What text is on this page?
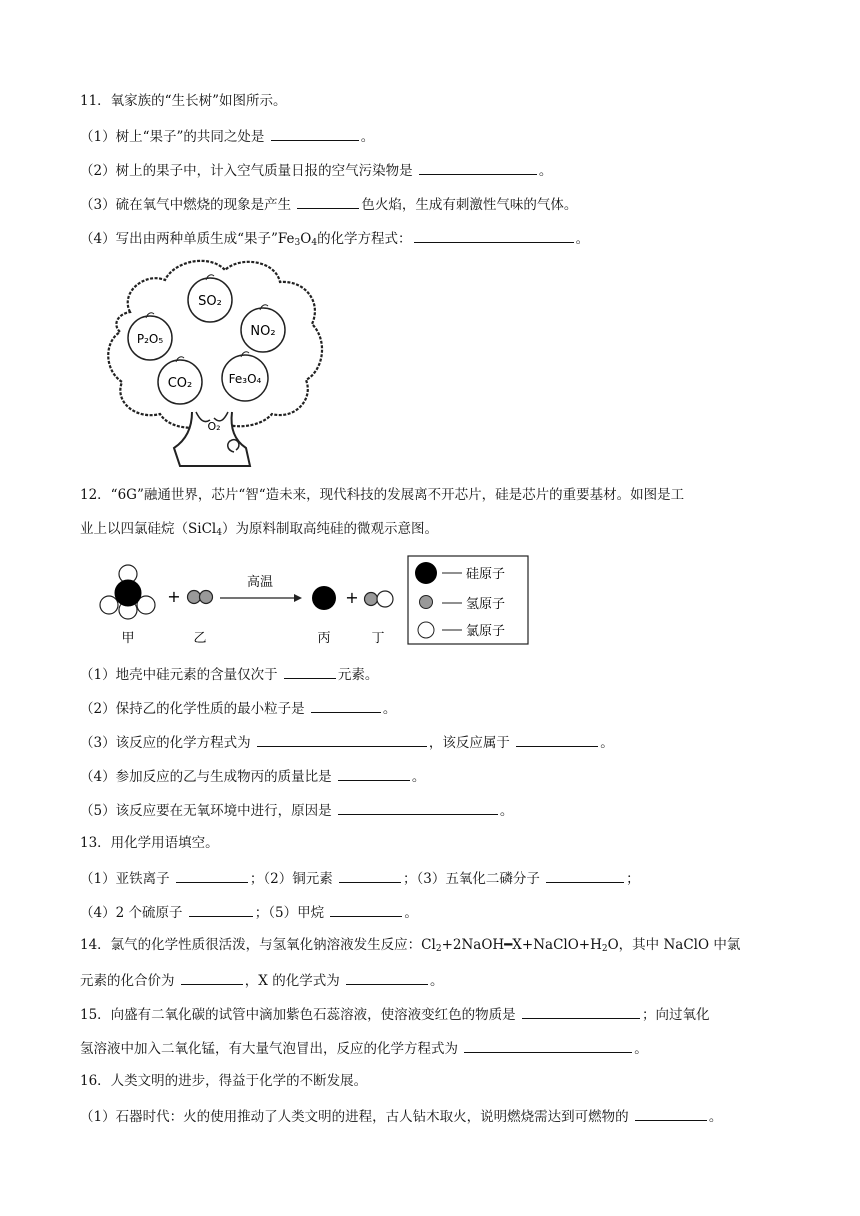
11．氧家族的“生长树”如图所示。
（1）树上“果子”的共同之处是	。
（2）树上的果子中，计入空气质量日报的空气污染物是	。
（3）硫在氧气中燃烧的现象是产生	色火焰，生成有刺激性气味的气体。
（4）写出由两种单质生成“果子$”Fe_3O_4$的化学方程式：	。
SO₂
NO₂
P₂O₅
CO₂	Fe₃O₄
O₂
12．“6G”融通世界，芯片“智“造未来，现代科技的发展离不开芯片，硅是芯片的重要基材。如图是工
业上以四氯硅烷（SiCl$_4$）为原料制取高纯硅的微观示意图。
+
高温
+
甲	乙	丙	丁
硅原子
氢原子
氯原子
（1）地壳中硅元素的含量仅次于	元素。
（2）保持乙的化学性质的最小粒子是	。
（3）该反应的化学方程式为	，该反应属于	。
（4）参加反应的乙与生成物丙的质量比是	。
（5）该反应要在无氧环境中进行，原因是	。
13．用化学用语填空。
（1）亚铁离子	；（2）铜元素	；（3）五氧化二磷分子	；
（4）2 个硫原子	；（5）甲烷	。
14．氯气的化学性质很活泼，与氢氧化钠溶液发生反应：$Cl_2+2NaOH━X+NaClO+H_2O$，其中 NaClO 中氯
元素的化合价为	，X 的化学式为	。
15．向盛有二氧化碳的试管中滴加紫色石蕊溶液，使溶液变红色的物质是	；向过氧化
氢溶液中加入二氧化锰，有大量气泡冒出，反应的化学方程式为	。
16．人类文明的进步，得益于化学的不断发展。
（1）石器时代：火的使用推动了人类文明的进程，古人钻木取火，说明燃烧需达到可燃物的	。
